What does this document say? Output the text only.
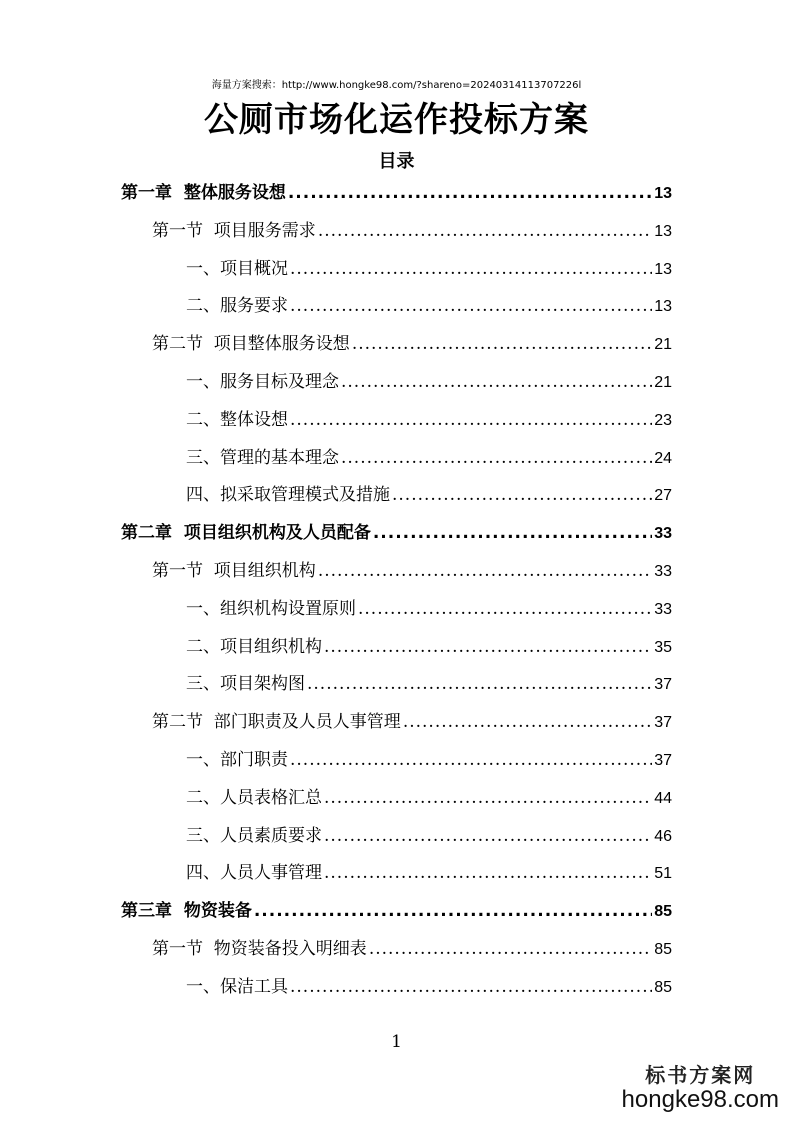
海量方案搜索：http://www.hongke98.com/?shareno=20240314113707226l
公厕市场化运作投标方案
目录
第一章  整体服务设想 .....	13
第一节  项目服务需求 .....	13
一、项目概况 .....	13
二、服务要求 .....	13
第二节  项目整体服务设想 .....	21
一、服务目标及理念 .....	21
二、整体设想 .....	23
三、管理的基本理念 .....	24
四、拟采取管理模式及措施 .....	27
第二章  项目组织机构及人员配备 .....	33
第一节  项目组织机构 .....	33
一、组织机构设置原则 .....	33
二、项目组织机构 .....	35
三、项目架构图 .....	37
第二节  部门职责及人员人事管理 .....	37
一、部门职责 .....	37
二、人员表格汇总 .....	44
三、人员素质要求 .....	46
四、人员人事管理 .....	51
第三章  物资装备 .....	85
第一节  物资装备投入明细表 .....	85
一、保洁工具 .....	85
1
标书方案网
hongke98.com
